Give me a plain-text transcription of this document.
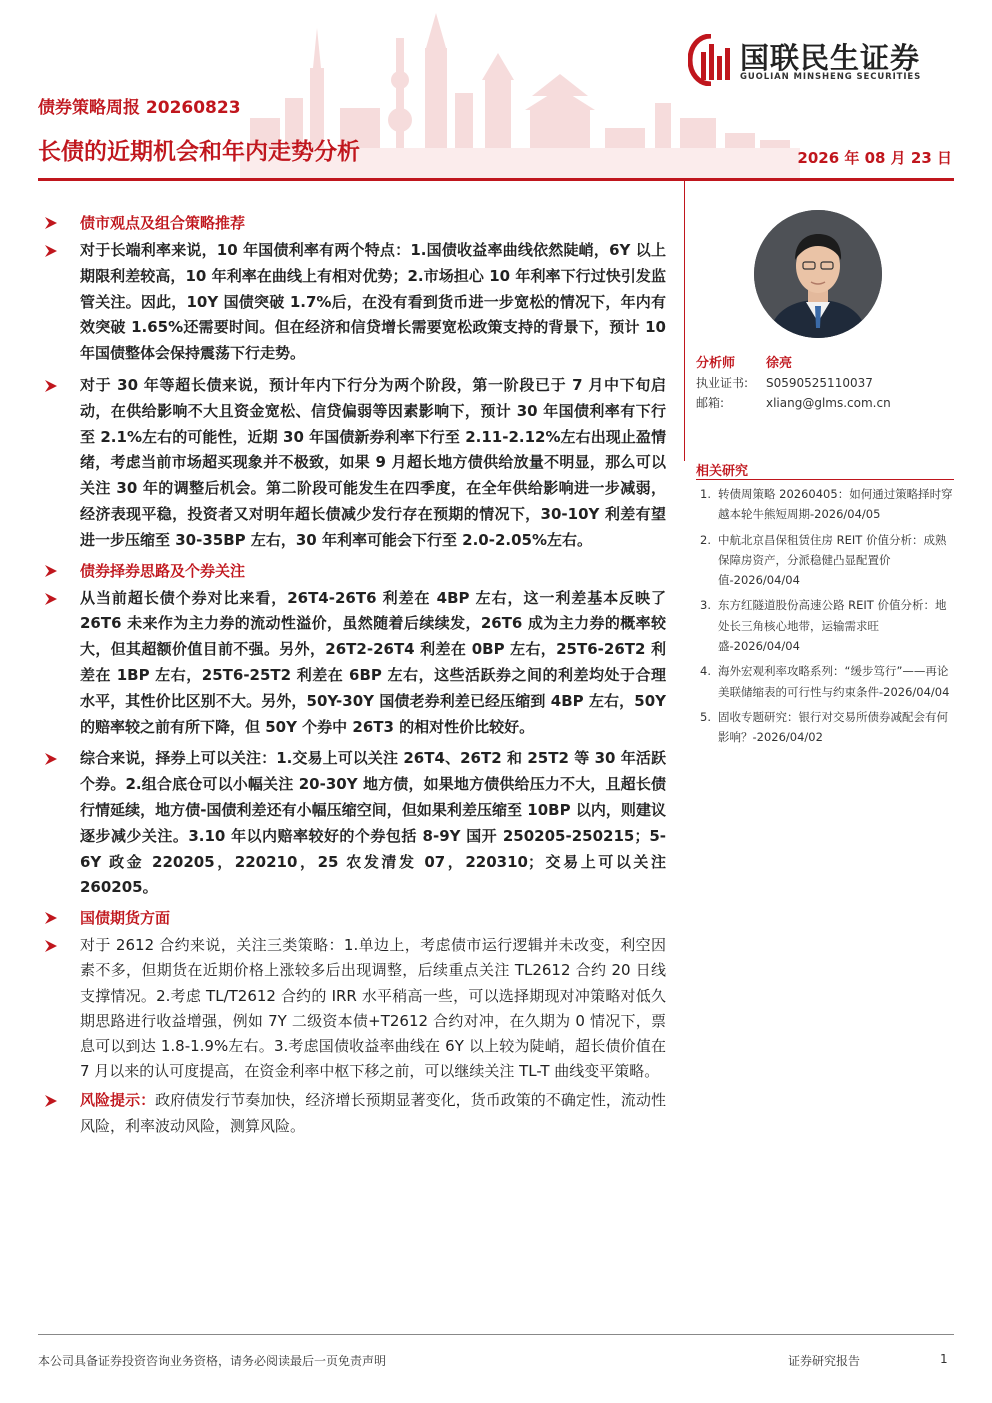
国联民生证券
GUOLIAN MINSHENG SECURITIES
债券策略周报 20260823
长债的近期机会和年内走势分析	2026 年 08 月 23 日
债市观点及组合策略推荐
对于长端利率来说，10 年国债利率有两个特点：1.国债收益率曲线依然陡峭，6Y 以上期限利差较高，10 年利率在曲线上有相对优势；2.市场担心 10 年利率下行过快引发监管关注。因此，10Y 国债突破 1.7%后，在没有看到货币进一步宽松的情况下，年内有效突破 1.65%还需要时间。但在经济和信贷增长需要宽松政策支持的背景下，预计 10 年国债整体会保持震荡下行走势。
对于 30 年等超长债来说，预计年内下行分为两个阶段，第一阶段已于 7 月中下旬启动，在供给影响不大且资金宽松、信贷偏弱等因素影响下，预计 30 年国债利率有下行至 2.1%左右的可能性，近期 30 年国债新券利率下行至 2.11-2.12%左右出现止盈情绪，考虑当前市场超买现象并不极致，如果 9 月超长地方债供给放量不明显，那么可以关注 30 年的调整后机会。第二阶段可能发生在四季度，在全年供给影响进一步减弱，经济表现平稳，投资者又对明年超长债减少发行存在预期的情况下，30-10Y 利差有望进一步压缩至 30-35BP 左右，30 年利率可能会下行至 2.0-2.05%左右。
债券择券思路及个券关注
从当前超长债个券对比来看，26T4-26T6 利差在 4BP 左右，这一利差基本反映了 26T6 未来作为主力券的流动性溢价，虽然随着后续续发，26T6 成为主力券的概率较大，但其超额价值目前不强。另外，26T2-26T4 利差在 0BP 左右，25T6-26T2 利差在 1BP 左右，25T6-25T2 利差在 6BP 左右，这些活跃券之间的利差均处于合理水平，其性价比区别不大。另外，50Y-30Y 国债老券利差已经压缩到 4BP 左右，50Y 的赔率较之前有所下降，但 50Y 个券中 26T3 的相对性价比较好。
综合来说，择券上可以关注：1.交易上可以关注 26T4、26T2 和 25T2 等 30 年活跃个券。2.组合底仓可以小幅关注 20-30Y 地方债，如果地方债供给压力不大，且超长债行情延续，地方债-国债利差还有小幅压缩空间，但如果利差压缩至 10BP 以内，则建议逐步减少关注。3.10 年以内赔率较好的个券包括 8-9Y 国开 250205-250215；5-6Y 政金 220205，220210，25 农发清发 07，220310；交易上可以关注 260205。
国债期货方面
对于 2612 合约来说，关注三类策略：1.单边上，考虑债市运行逻辑并未改变，利空因素不多，但期货在近期价格上涨较多后出现调整，后续重点关注 TL2612 合约 20 日线支撑情况。2.考虑 TL/T2612 合约的 IRR 水平稍高一些，可以选择期现对冲策略对低久期思路进行收益增强，例如 7Y 二级资本债+T2612 合约对冲，在久期为 0 情况下，票息可以到达 1.8-1.9%左右。3.考虑国债收益率曲线在 6Y 以上较为陡峭，超长债价值在 7 月以来的认可度提高，在资金利率中枢下移之前，可以继续关注 TL-T 曲线变平策略。
风险提示：政府债发行节奏加快，经济增长预期显著变化，货币政策的不确定性，流动性风险，利率波动风险，测算风险。
分析师 徐亮
执业证书: S0590525110037
邮箱:	xliang@glms.com.cn
相关研究
1. 转债周策略 20260405：如何通过策略择时穿越本轮牛熊短周期-2026/04/05
2. 中航北京昌保租赁住房 REIT 价值分析：成熟保障房资产，分派稳健凸显配置价值-2026/04/04
3. 东方红隧道股份高速公路 REIT 价值分析：地处长三角核心地带，运输需求旺盛-2026/04/04
4. 海外宏观利率攻略系列：“缓步笃行”——再论美联储缩表的可行性与约束条件-2026/04/04
5. 固收专题研究：银行对交易所债券减配会有何影响？-2026/04/02
本公司具备证券投资咨询业务资格，请务必阅读最后一页免责声明	证券研究报告	1
